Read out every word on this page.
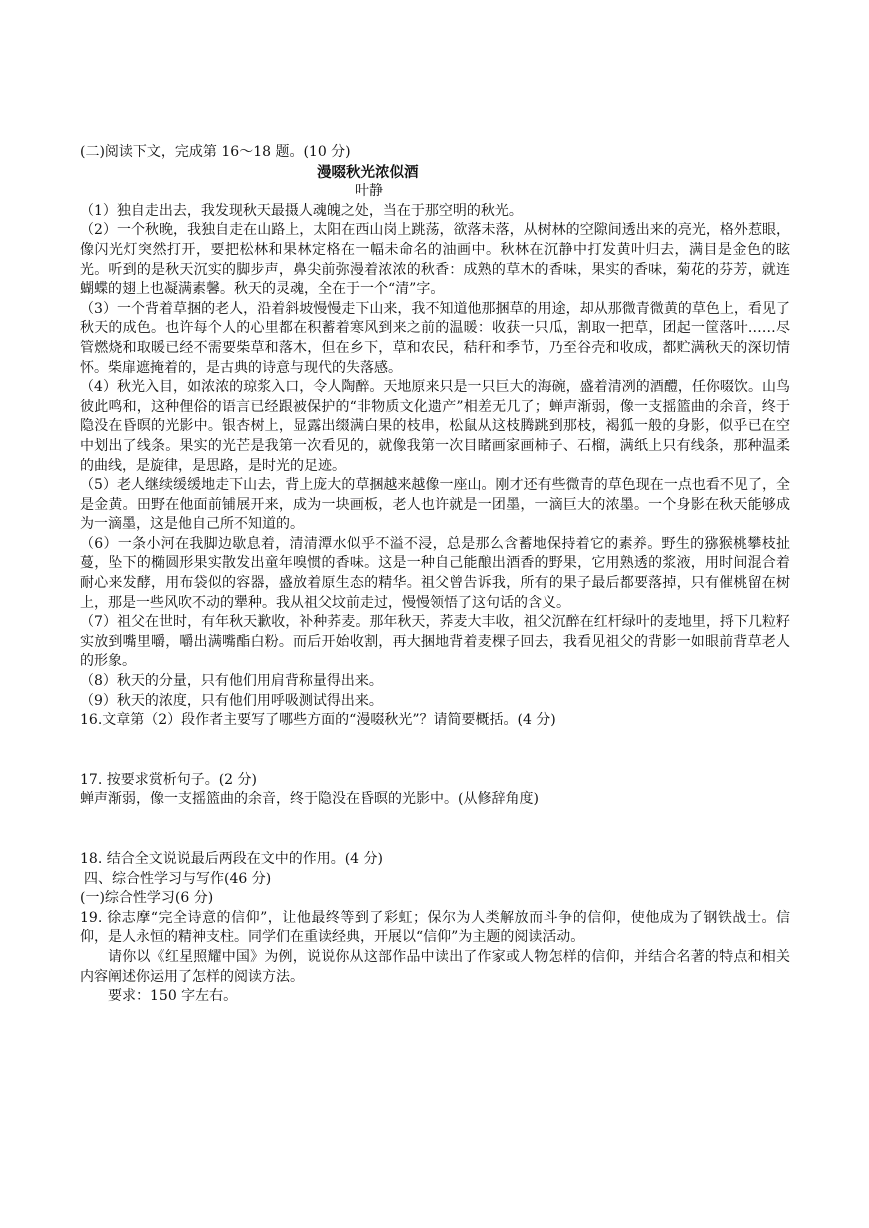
(二)阅读下文，完成第 16～18 题。(10 分)

漫啜秋光浓似酒

叶静

（1）独自走出去，我发现秋天最摄人魂魄之处，当在于那空明的秋光。

（2）一个秋晚，我独自走在山路上，太阳在西山岗上跳荡，欲落未落，从树林的空隙间透出来的亮光，格外惹眼，像闪光灯突然打开，要把松林和果林定格在一幅未命名的油画中。秋林在沉静中打发黄叶归去，满目是金色的眩光。听到的是秋天沉实的脚步声，鼻尖前弥漫着浓浓的秋香：成熟的草木的香味，果实的香味，菊花的芬芳，就连蝴蝶的翅上也凝满素馨。秋天的灵魂，全在于一个“清”字。

（3）一个背着草捆的老人，沿着斜坡慢慢走下山来，我不知道他那捆草的用途，却从那微青微黄的草色上，看见了秋天的成色。也许每个人的心里都在积蓄着寒风到来之前的温暖：收获一只瓜，割取一把草，团起一筐落叶……尽管燃烧和取暖已经不需要柴草和落木，但在乡下，草和农民，秸秆和季节，乃至谷壳和收成，都贮满秋天的深切情怀。柴扉遮掩着的，是古典的诗意与现代的失落感。

（4）秋光入目，如浓浓的琼浆入口，令人陶醉。天地原来只是一只巨大的海碗，盛着清冽的酒醴，任你啜饮。山鸟彼此鸣和，这种俚俗的语言已经跟被保护的“非物质文化遗产”相差无几了；蝉声渐弱，像一支摇篮曲的余音，终于隐没在昏暝的光影中。银杏树上，显露出缀满白果的枝串，松鼠从这枝腾跳到那枝，褐狐一般的身影，似乎已在空中划出了线条。果实的光芒是我第一次看见的，就像我第一次目睹画家画柿子、石榴，满纸上只有线条，那种温柔的曲线，是旋律，是思路，是时光的足迹。

（5）老人继续缓缓地走下山去，背上庞大的草捆越来越像一座山。刚才还有些微青的草色现在一点也看不见了，全是金黄。田野在他面前铺展开来，成为一块画板，老人也许就是一团墨，一滴巨大的浓墨。一个身影在秋天能够成为一滴墨，这是他自己所不知道的。

（6）一条小河在我脚边歇息着，清清潭水似乎不溢不浸，总是那么含蓄地保持着它的素养。野生的猕猴桃攀枝扯蔓，坠下的椭圆形果实散发出童年嗅惯的香味。这是一种自己能酿出酒香的野果，它用熟透的浆液，用时间混合着耐心来发酵，用布袋似的容器，盛放着原生态的精华。祖父曾告诉我，所有的果子最后都要落掉，只有催桃留在树上，那是一些风吹不动的犟种。我从祖父坟前走过，慢慢领悟了这句话的含义。

（7）祖父在世时，有年秋天歉收，补种荞麦。那年秋天，荞麦大丰收，祖父沉醉在红杆绿叶的麦地里，捋下几粒籽实放到嘴里嚼，嚼出满嘴酯白粉。而后开始收割，再大捆地背着麦棵子回去，我看见祖父的背影一如眼前背草老人的形象。

（8）秋天的分量，只有他们用肩背称量得出来。

（9）秋天的浓度，只有他们用呼吸测试得出来。

16.文章第（2）段作者主要写了哪些方面的“漫啜秋光”？请简要概括。(4 分)

17. 按要求赏析句子。(2 分)

蝉声渐弱，像一支摇篮曲的余音，终于隐没在昏暝的光影中。(从修辞角度)

18. 结合全文说说最后两段在文中的作用。(4 分)

四、综合性学习与写作(46 分)

(一)综合性学习(6 分)

19. 徐志摩“完全诗意的信仰”，让他最终等到了彩虹；保尔为人类解放而斗争的信仰，使他成为了钢铁战士。信仰，是人永恒的精神支柱。同学们在重读经典，开展以“信仰”为主题的阅读活动。

请你以《红星照耀中国》为例，说说你从这部作品中读出了作家或人物怎样的信仰，并结合名著的特点和相关内容阐述你运用了怎样的阅读方法。

要求：150 字左右。
